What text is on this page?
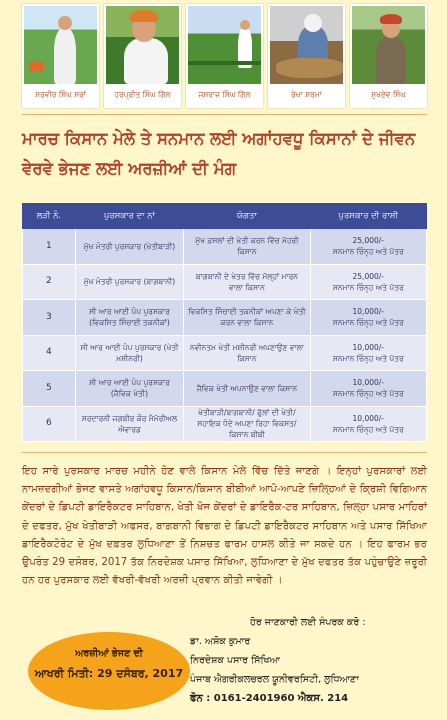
ਸਰਵੀਰ ਸਿੰਘ ਸਰਾਂ	ਹਰਪ੍ਰੀਤ ਸਿੰਘ ਗਿੱਲ	ਜਸਰਾਜ ਸਿੰਘ ਗਿੱਲ	ਰੇਖਾ ਸ਼ਰਮਾ	ਸੁਖਦੇਵ ਸਿੰਘ
ਮਾਰਚ ਕਿਸਾਨ ਮੇਲੇ ਤੇ ਸਨਮਾਨ ਲਈ ਅਗਾਂਹਵਧੂ ਕਿਸਾਨਾਂ ਦੇ ਜੀਵਨ ਵੇਰਵੇ ਭੇਜਣ ਲਈ ਅਰਜ਼ੀਆਂ ਦੀ ਮੰਗ
ਲੜੀ ਨੰ.	ਪੁਰਸਕਾਰ ਦਾ ਨਾਂ	ਯੋਗਤਾ	ਪੁਰਸਕਾਰ ਦੀ ਰਾਸ਼ੀ
1	ਮੁੱਖ ਮੰਤਰੀ ਪੁਰਸਕਾਰ (ਖੇਤੀਬਾੜੀ)	ਮੁੱਖ ਫ਼ਸਲਾਂ ਦੀ ਖੇਤੀ ਕਰਨ ਵਿੱਚ ਮੋਹਰੀ ਕਿਸਾਨ	25,000/-
ਸਨਮਾਨ ਚਿੰਨ੍ਹ ਅਤੇ ਪੱਤਰ

2	ਮੁੱਖ ਮੰਤਰੀ ਪੁਰਸਕਾਰ (ਬਾਗਬਾਨੀ)	ਬਾਗਬਾਨੀ ਦੇ ਖੇਤਰ ਵਿੱਚ ਮੱਲ੍ਹਾਂ ਮਾਰਨ ਵਾਲਾ ਕਿਸਾਨ	25,000/-
ਸਨਮਾਨ ਚਿੰਨ੍ਹ ਅਤੇ ਪੱਤਰ

3	ਸੀ ਆਰ ਆਈ ਪੰਪ ਪੁਰਸਕਾਰ (ਵਿਕਸਿਤ ਸਿੰਚਾਈ ਤਕਨੀਕਾਂ)	ਵਿਕਸਿਤ ਸਿੰਚਾਈ ਤਕਨੀਕਾਂ ਅਪਣਾ ਕੇ ਖੇਤੀ ਕਰਨ ਵਾਲਾ ਕਿਸਾਨ	10,000/-
ਸਨਮਾਨ ਚਿੰਨ੍ਹ ਅਤੇ ਪੱਤਰ

4	ਸੀ ਆਰ ਆਈ ਪੰਪ ਪੁਰਸਕਾਰ (ਖੇਤੀ ਮਸ਼ੀਨਰੀ)	ਨਵੀਨਤਮ ਖੇਤੀ ਮਸ਼ੀਨਰੀ ਅਪਣਾਉਣ ਵਾਲਾ ਕਿਸਾਨ	10,000/-
ਸਨਮਾਨ ਚਿੰਨ੍ਹ ਅਤੇ ਪੱਤਰ

5	ਸੀ ਆਰ ਆਈ ਪੰਪ ਪੁਰਸਕਾਰ (ਜੈਵਿਕ ਖੇਤੀ)	ਜੈਵਿਕ ਖੇਤੀ ਅਪਨਾਉਣ ਵਾਲਾ ਕਿਸਾਨ	10,000/-
ਸਨਮਾਨ ਚਿੰਨ੍ਹ ਅਤੇ ਪੱਤਰ

6	ਸਰਦਾਰਨੀ ਜਗਬੀਰ ਕੌਰ ਮੈਮੋਰੀਅਲ ਐਵਾਰਡ	ਖੇਤੀਬਾੜੀ/ਬਾਗਬਾਨੀ/ ਫੁੱਲਾਂ ਦੀ ਖੇਤੀ/ਸਹਾਇਕ ਧੰਦੇ ਅਪਣਾ ਰਿਹਾ ਵਿਕਸਤ/ਕਿਸਾਨ ਬੀਬੀ	10,000/-
ਸਨਮਾਨ ਚਿੰਨ੍ਹ ਅਤੇ ਪੱਤਰ
ਇਹ ਸਾਰੇ ਪੁਰਸਕਾਰ ਮਾਰਚ ਮਹੀਨੇ ਹੋਣ ਵਾਲੇ ਕਿਸਾਨ ਮੇਲੇ ਵਿੱਚ ਦਿੱਤੇ ਜਾਣਗੇ । ਇਨ੍ਹਾਂ ਪੁਰਸਕਾਰਾਂ ਲਈ ਨਾਮਜ਼ਦਗੀਆਂ ਭੇਜਣ ਵਾਸਤੇ ਅਗਾਂਹਵਧੂ ਕਿਸਾਨ/ਕਿਸਾਨ ਬੀਬੀਆਂ ਆਪੋ-ਆਪਣੇ ਜ਼ਿਲ੍ਹਿਆਂ ਦੇ ਕ੍ਰਿਸ਼ੀ ਵਿਗਿਆਨ ਕੇਂਦਰਾਂ ਦੇ ਡਿਪਟੀ ਡਾਇਰੈਕਟਰ ਸਾਹਿਬਾਨ, ਖੇਤੀ ਖੋਜ ਕੇਂਦਰਾਂ ਦੇ ਡਾਇਰੈਕ-ਟਰ ਸਾਹਿਬਾਨ, ਜ਼ਿਲ੍ਹਾ ਪਸਾਰ ਮਾਹਿਰਾਂ ਦੇ ਦਫਤਰ, ਮੁੱਖ ਖੇਤੀਬਾੜੀ ਅਫਸਰ, ਬਾਗਬਾਨੀ ਵਿਭਾਗ ਦੇ ਡਿਪਟੀ ਡਾਇਰੈਕਟਰ ਸਾਹਿਬਾਨ ਅਤੇ ਪਸਾਰ ਸਿੱਖਿਆ ਡਾਇਰੈਕਟੋਰੇਟ ਦੇ ਮੁੱਖ ਦਫ਼ਤਰ ਲੁਧਿਆਣਾ ਤੋਂ ਨਿਸ਼ਚਤ ਫਾਰਮ ਹਾਸਲ ਕੀਤੇ ਜਾ ਸਕਦੇ ਹਨ । ਇਹ ਫਾਰਮ ਭਰ ਉਪਰੰਤ 29 ਦਸੰਬਰ, 2017 ਤੱਕ ਨਿਰਦੇਸ਼ਕ ਪਸਾਰ ਸਿੱਖਿਆ, ਲੁਧਿਆਣਾ ਦੇ ਮੁੱਖ ਦਫਤਰ ਤੱਕ ਪਹੁੰਚਾਉਣੇ ਜ਼ਰੂਰੀ ਹਨ ਹਰ ਪੁਰਸਕਾਰ ਲਈ ਵੱਖਰੀ-ਵੱਖਰੀ ਅਰਜ਼ੀ ਪ੍ਰਵਾਨ ਕੀਤੀ ਜਾਵੇਗੀ ।
ਅਰਜ਼ੀਆਂ ਭੇਜਣ ਦੀ
ਆਖਰੀ ਮਿਤੀ: 29 ਦਸੰਬਰ, 2017
ਹੋਰ ਜਾਣਕਾਰੀ ਲਈ ਸੰਪਰਕ ਕਰੋ :
ਡਾ. ਅਸ਼ੋਕ ਕੁਮਾਰ
ਨਿਰਦੇਸ਼ਕ ਪਸਾਰ ਸਿੱਖਿਆ
ਪੰਜਾਬ ਐਗਰੀਕਲਚਰਲ ਯੂਨੀਵਰਸਿਟੀ, ਲੁਧਿਆਣਾ
ਫੋਨ : 0161-2401960 ਐਕਸ. 214
